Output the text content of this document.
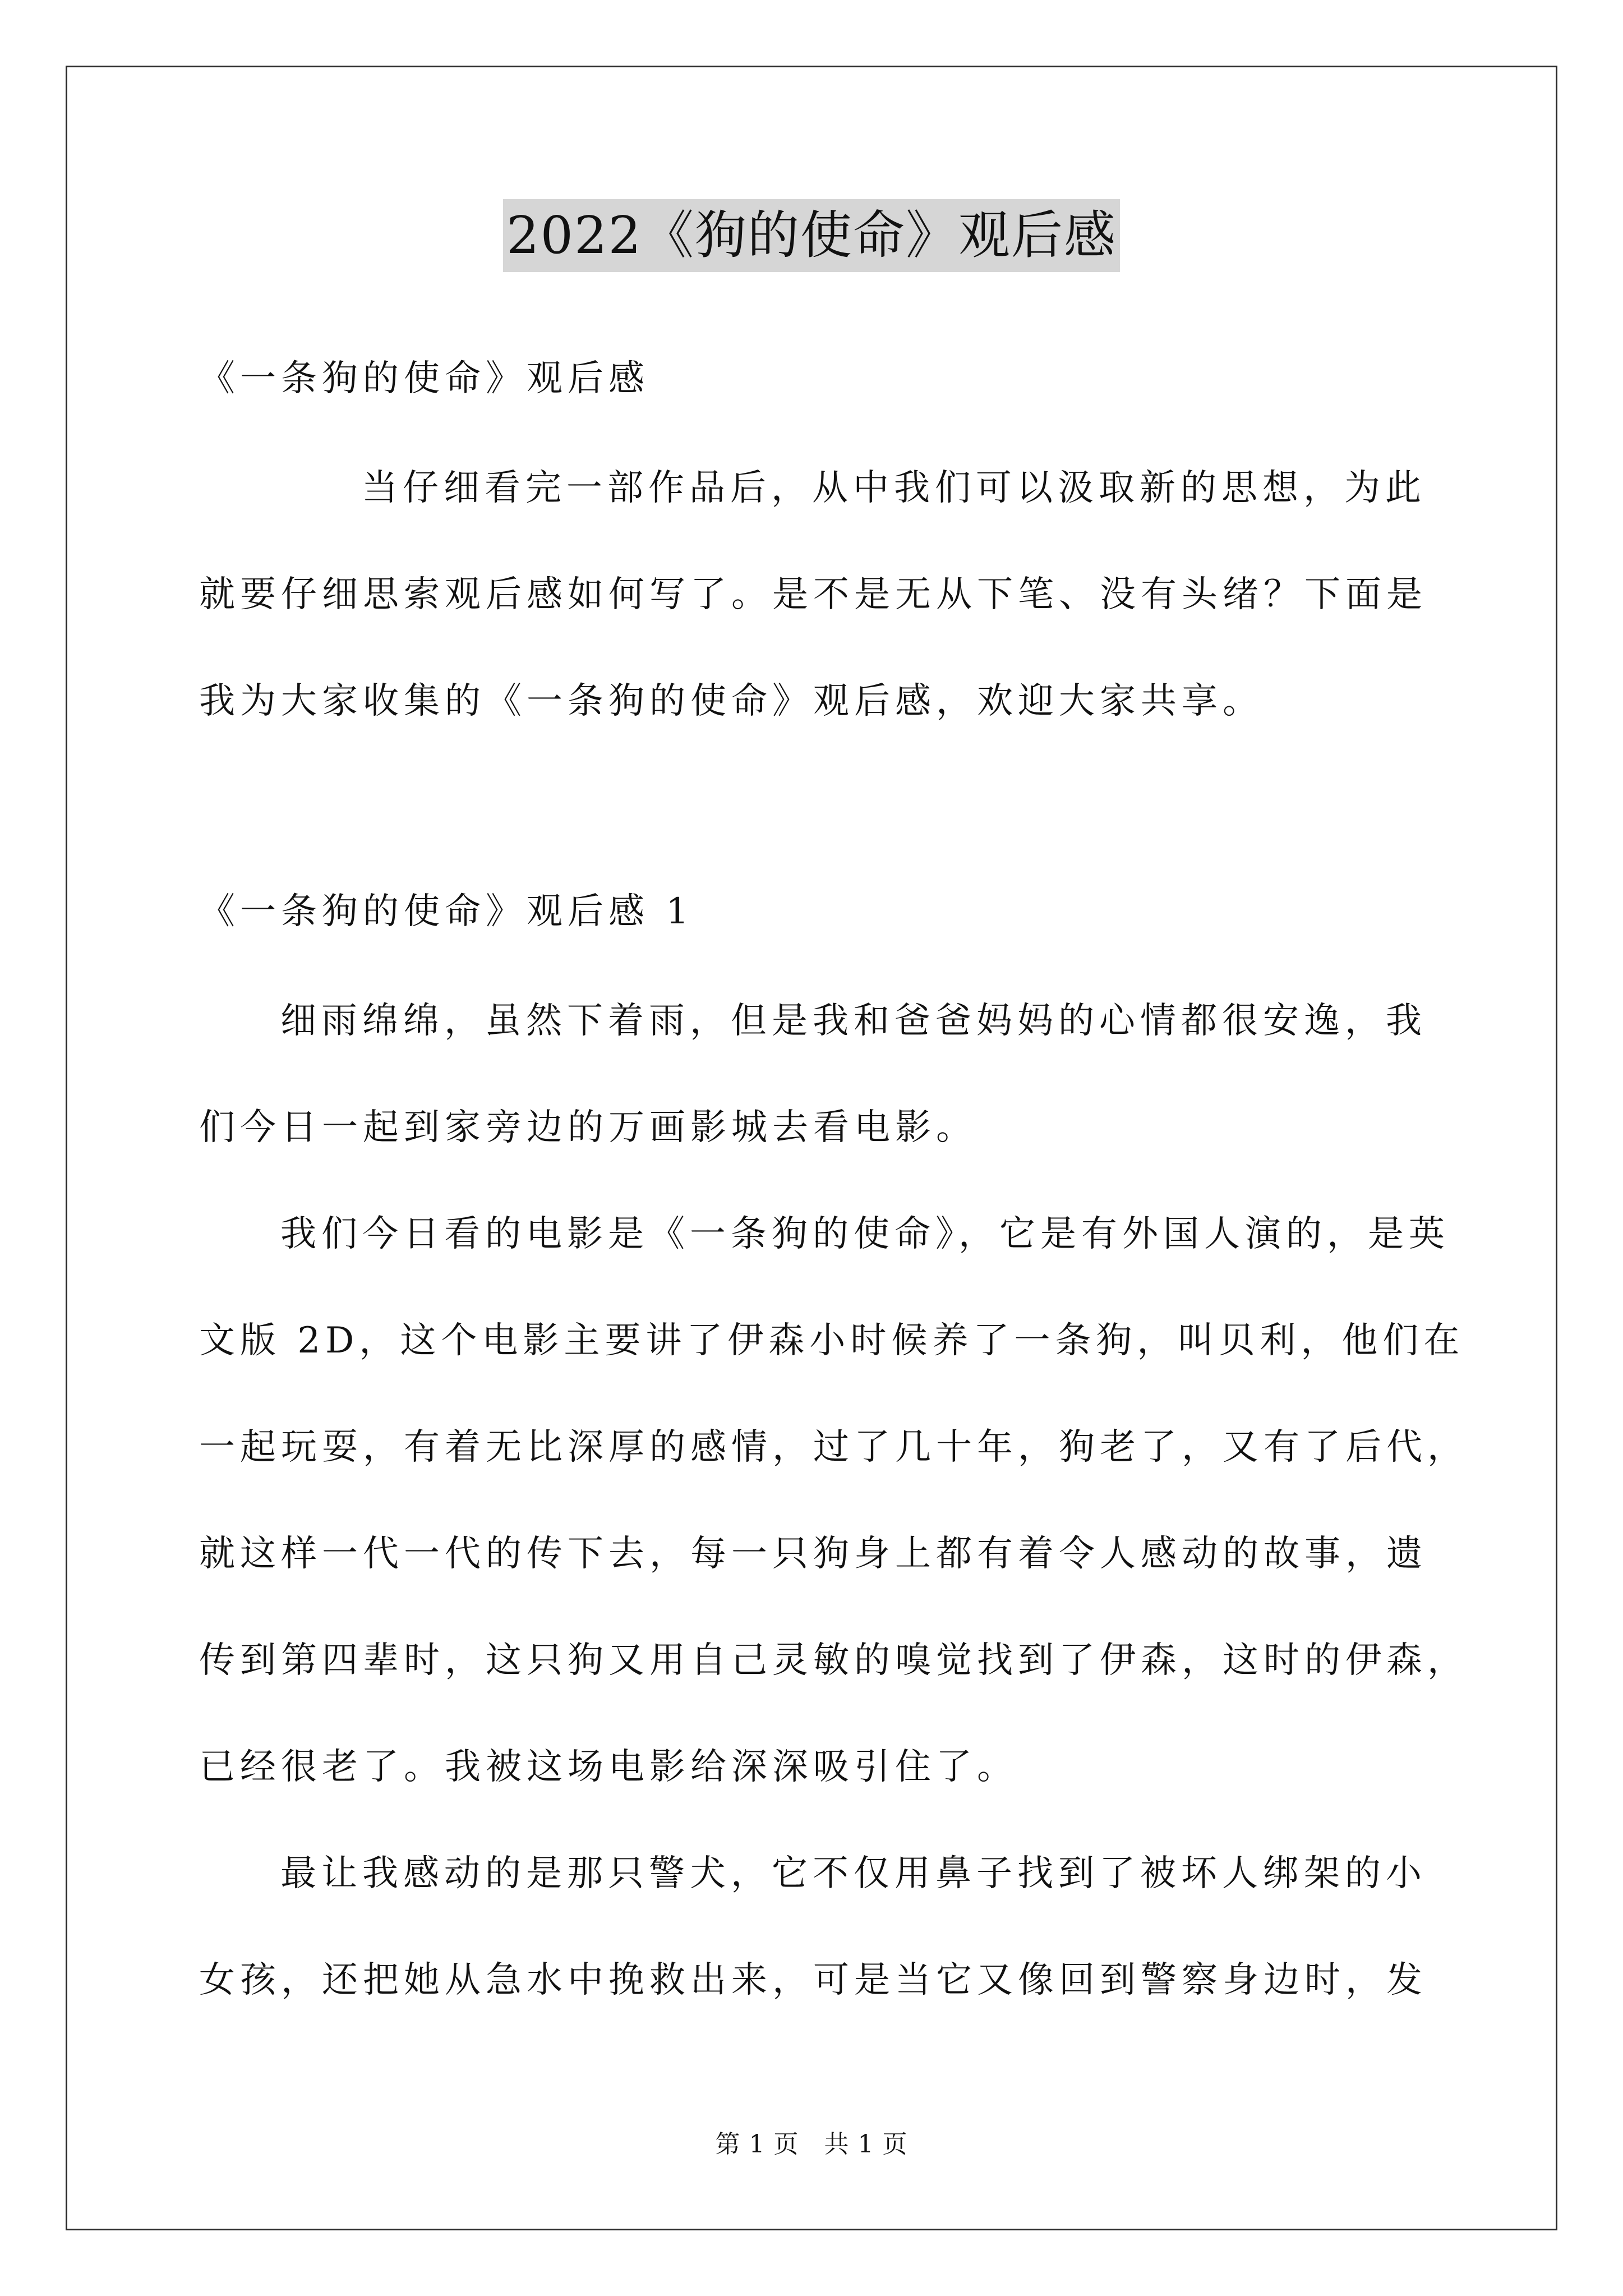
2022《狗的使命》观后感
《一条狗的使命》观后感
当仔细看完一部作品后，从中我们可以汲取新的思想，为此
就要仔细思索观后感如何写了。是不是无从下笔、没有头绪？下面是
我为大家收集的《一条狗的使命》观后感，欢迎大家共享。
《一条狗的使命》观后感 1
细雨绵绵，虽然下着雨，但是我和爸爸妈妈的心情都很安逸，我
们今日一起到家旁边的万画影城去看电影。
我们今日看的电影是《一条狗的使命》，它是有外国人演的，是英
文版 2D，这个电影主要讲了伊森小时候养了一条狗，叫贝利，他们在
一起玩耍，有着无比深厚的感情，过了几十年，狗老了，又有了后代，
就这样一代一代的传下去，每一只狗身上都有着令人感动的故事，遗
传到第四辈时，这只狗又用自己灵敏的嗅觉找到了伊森，这时的伊森，
已经很老了。我被这场电影给深深吸引住了。
最让我感动的是那只警犬，它不仅用鼻子找到了被坏人绑架的小
女孩，还把她从急水中挽救出来，可是当它又像回到警察身边时，发
第 1 页　共 1 页
